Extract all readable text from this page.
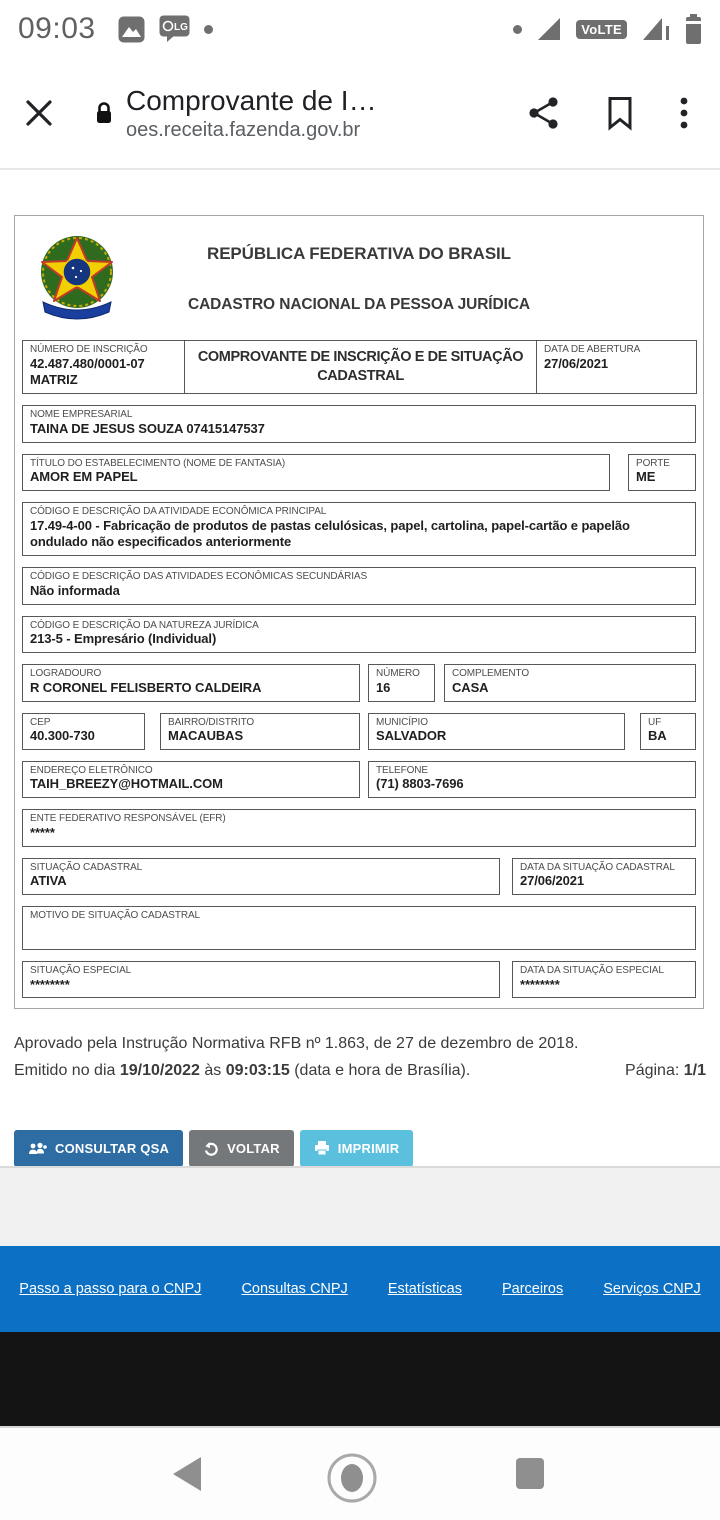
09:03	LG	VoLTE
Comprovante de I…
oes.receita.fazenda.gov.br
REPÚBLICA FEDERATIVA DO BRASIL
CADASTRO NACIONAL DA PESSOA JURÍDICA
NÚMERO DE INSCRIÇÃO
42.487.480/0001-07
MATRIZ
COMPROVANTE DE INSCRIÇÃO E DE SITUAÇÃO CADASTRAL
DATA DE ABERTURA
27/06/2021
NOME EMPRESARIAL
TAINA DE JESUS SOUZA 07415147537
TÍTULO DO ESTABELECIMENTO (NOME DE FANTASIA)
AMOR EM PAPEL
PORTE
ME
CÓDIGO E DESCRIÇÃO DA ATIVIDADE ECONÔMICA PRINCIPAL
17.49-4-00 - Fabricação de produtos de pastas celulósicas, papel, cartolina, papel-cartão e papelão ondulado não especificados anteriormente
CÓDIGO E DESCRIÇÃO DAS ATIVIDADES ECONÔMICAS SECUNDÁRIAS
Não informada
CÓDIGO E DESCRIÇÃO DA NATUREZA JURÍDICA
213-5 - Empresário (Individual)
LOGRADOURO
R CORONEL FELISBERTO CALDEIRA
NÚMERO
16
COMPLEMENTO
CASA
CEP
40.300-730
BAIRRO/DISTRITO
MACAUBAS
MUNICÍPIO
SALVADOR
UF
BA
ENDEREÇO ELETRÔNICO
TAIH_BREEZY@HOTMAIL.COM
TELEFONE
(71) 8803-7696
ENTE FEDERATIVO RESPONSÁVEL (EFR)
*****
SITUAÇÃO CADASTRAL
ATIVA
DATA DA SITUAÇÃO CADASTRAL
27/06/2021
MOTIVO DE SITUAÇÃO CADASTRAL
SITUAÇÃO ESPECIAL
********
DATA DA SITUAÇÃO ESPECIAL
********
Aprovado pela Instrução Normativa RFB nº 1.863, de 27 de dezembro de 2018.
Emitido no dia 19/10/2022 às 09:03:15 (data e hora de Brasília).	Página: 1/1
CONSULTAR QSA	VOLTAR	IMPRIMIR
Passo a passo para o CNPJ	Consultas CNPJ	Estatísticas	Parceiros	Serviços CNPJ
